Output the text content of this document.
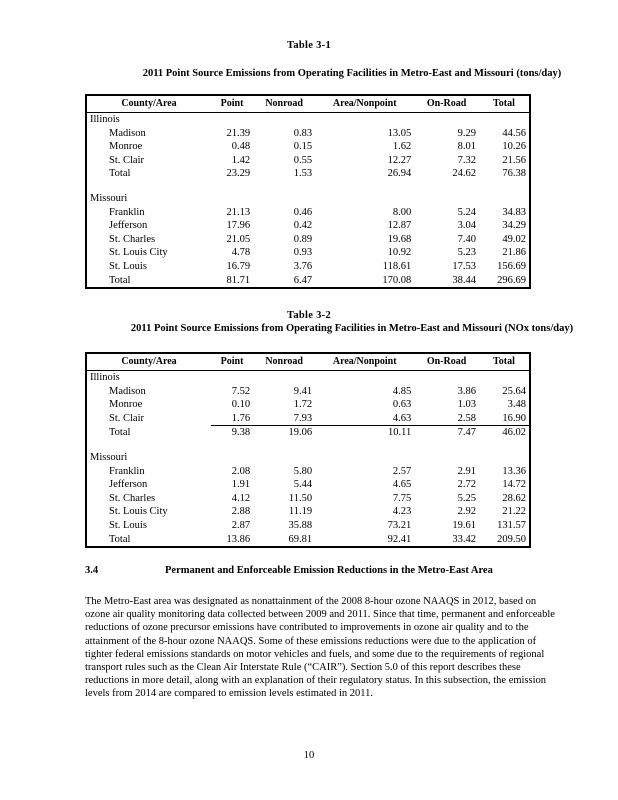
Table 3-1
2011 Point Source Emissions from Operating Facilities in Metro-East and Missouri (tons/day)
County/Area	Point	Nonroad	Area/Nonpoint	On-Road	Total
Illinois					
Madison	21.39	0.83	13.05	9.29	44.56
Monroe	0.48	0.15	1.62	8.01	10.26
St. Clair	1.42	0.55	12.27	7.32	21.56
Total	23.29	1.53	26.94	24.62	76.38

Missouri					
Franklin	21.13	0.46	8.00	5.24	34.83
Jefferson	17.96	0.42	12.87	3.04	34.29
St. Charles	21.05	0.89	19.68	7.40	49.02
St. Louis City	4.78	0.93	10.92	5.23	21.86
St. Louis	16.79	3.76	118.61	17.53	156.69
Total	81.71	6.47	170.08	38.44	296.69
Table 3-2
2011 Point Source Emissions from Operating Facilities in Metro-East and Missouri (NOx tons/day)
County/Area	Point	Nonroad	Area/Nonpoint	On-Road	Total
Illinois					
Madison	7.52	9.41	4.85	3.86	25.64
Monroe	0.10	1.72	0.63	1.03	3.48
St. Clair	1.76	7.93	4.63	2.58	16.90
Total	9.38	19.06	10.11	7.47	46.02

Missouri					
Franklin	2.08	5.80	2.57	2.91	13.36
Jefferson	1.91	5.44	4.65	2.72	14.72
St. Charles	4.12	11.50	7.75	5.25	28.62
St. Louis City	2.88	11.19	4.23	2.92	21.22
St. Louis	2.87	35.88	73.21	19.61	131.57
Total	13.86	69.81	92.41	33.42	209.50
3.4	Permanent and Enforceable Emission Reductions in the Metro-East Area
The Metro-East area was designated as nonattainment of the 2008 8-hour ozone NAAQS in 2012, based on ozone air quality monitoring data collected between 2009 and 2011. Since that time, permanent and enforceable reductions of ozone precursor emissions have contributed to improvements in ozone air quality and to the attainment of the 8-hour ozone NAAQS. Some of these emissions reductions were due to the application of tighter federal emissions standards on motor vehicles and fuels, and some due to the requirements of regional transport rules such as the Clean Air Interstate Rule (“CAIR”). Section 5.0 of this report describes these reductions in more detail, along with an explanation of their regulatory status. In this subsection, the emission levels from 2014 are compared to emission levels estimated in 2011.
10
